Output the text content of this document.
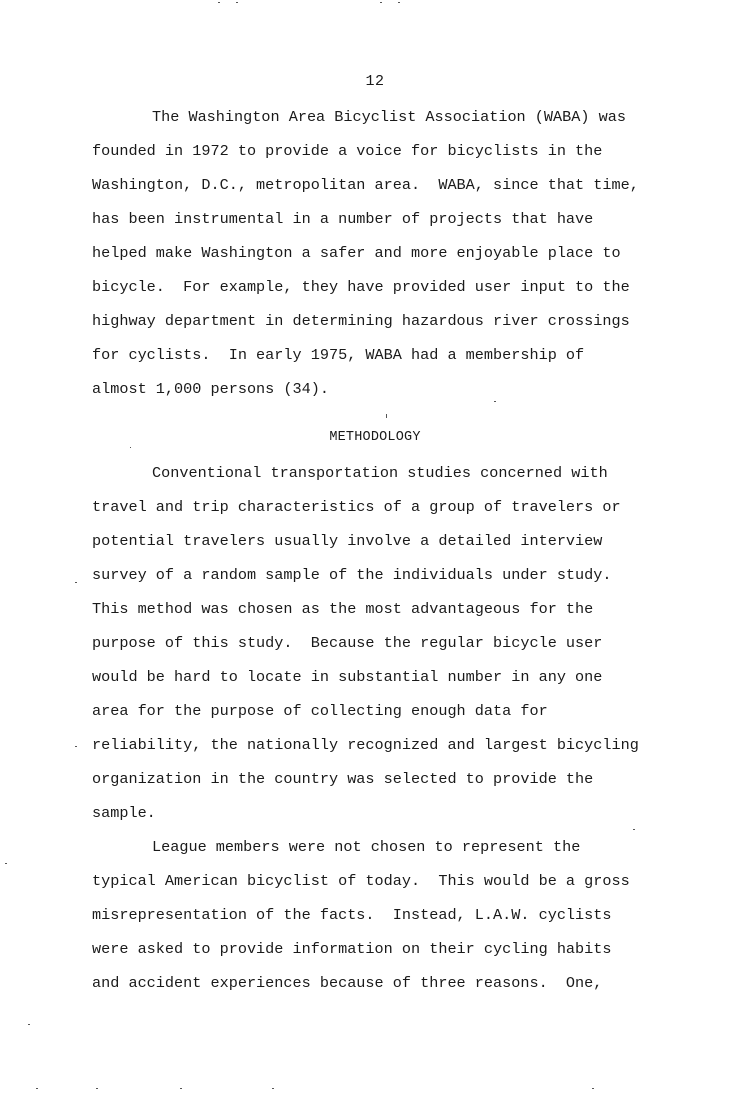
12
The Washington Area Bicyclist Association (WABA) was
founded in 1972 to provide a voice for bicyclists in the
Washington, D.C., metropolitan area.  WABA, since that time,
has been instrumental in a number of projects that have
helped make Washington a safer and more enjoyable place to
bicycle.  For example, they have provided user input to the
highway department in determining hazardous river crossings
for cyclists.  In early 1975, WABA had a membership of
almost 1,000 persons (34).
METHODOLOGY
Conventional transportation studies concerned with
travel and trip characteristics of a group of travelers or
potential travelers usually involve a detailed interview
survey of a random sample of the individuals under study.
This method was chosen as the most advantageous for the
purpose of this study.  Because the regular bicycle user
would be hard to locate in substantial number in any one
area for the purpose of collecting enough data for
reliability, the nationally recognized and largest bicycling
organization in the country was selected to provide the
sample.
League members were not chosen to represent the
typical American bicyclist of today.  This would be a gross
misrepresentation of the facts.  Instead, L.A.W. cyclists
were asked to provide information on their cycling habits
and accident experiences because of three reasons.  One,
